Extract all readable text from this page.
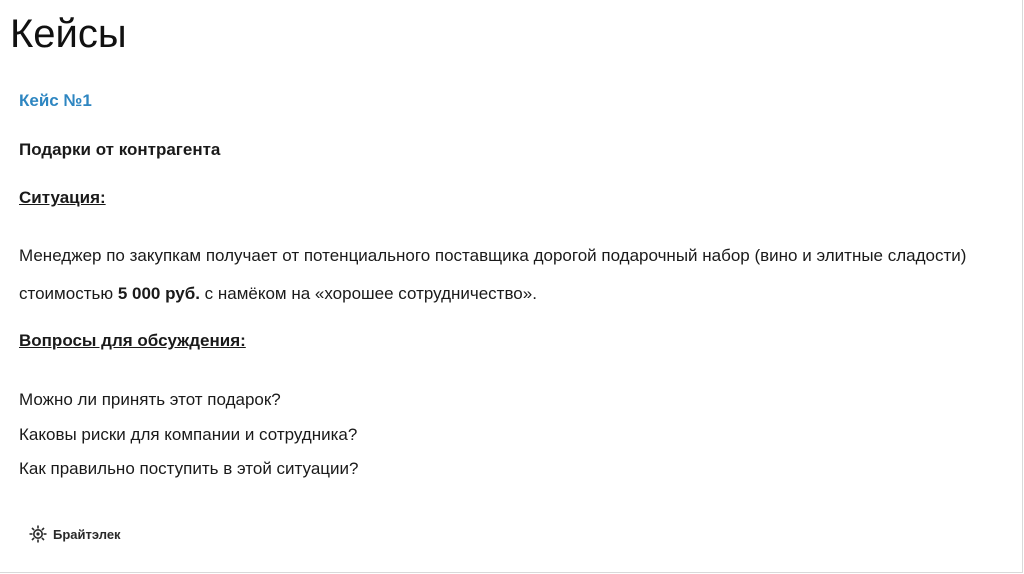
Кейсы
Кейс №1
Подарки от контрагента
Ситуация:

Менеджер по закупкам получает от потенциального поставщика дорогой подарочный набор (вино и элитные сладости) стоимостью 5 000 руб. с намёком на «хорошее сотрудничество».

Вопросы для обсуждения:
Можно ли принять этот подарок?
Каковы риски для компании и сотрудника?
Как правильно поступить в этой ситуации?
Брайтэлек
